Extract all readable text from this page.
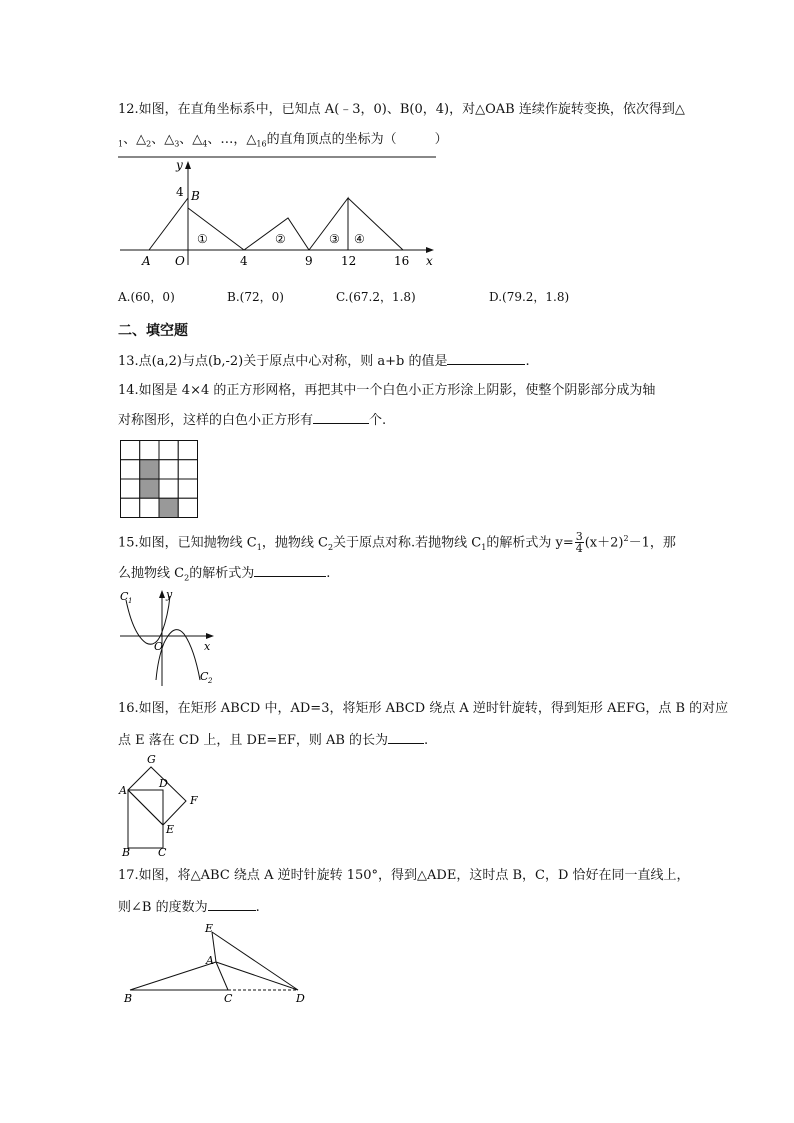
12.如图，在直角坐标系中，已知点 A(﹣3，0)、B(0，4)，对△OAB 连续作旋转变换，依次得到△
$_1$、$\triangle_2$、$\triangle_3$、$\triangle_4$、…，$\triangle_{16}$的直角顶点的坐标为（	）
y
4 B
A O	4	9 12	16 x
①	②	③ ④
A.(60，0)	B.(72，0)	C.(67.2，1.8)	D.(79.2，1.8)
二、填空题
13.点(a,2)与点(b,-2)关于原点中心对称，则 a+b 的值是	.
14.如图是 4×4 的正方形网格，再把其中一个白色小正方形涂上阴影，使整个阴影部分成为轴
对称图形，这样的白色小正方形有	个.
15.如图，已知抛物线 $C_1$，抛物线 $C_2$关于原点对称.若抛物线 $C_1$的解析式为 $y= \frac{3}{4} (x+2)^2-1$，那
么抛物线 $C_2$的解析式为	.
C 1	y
O	x
C 2
16.如图，在矩形 ABCD 中，AD=3，将矩形 ABCD 绕点 A 逆时针旋转，得到矩形 AEFG，点 B 的对应
点 E 落在 CD 上，且 DE=EF，则 AB 的长为	.
G
A
D
F
E
B	C
17.如图，将△ABC 绕点 A 逆时针旋转 150°，得到△ADE，这时点 B，C，D 恰好在同一直线上，
则∠B 的度数为	.
E
A
B	C	D
